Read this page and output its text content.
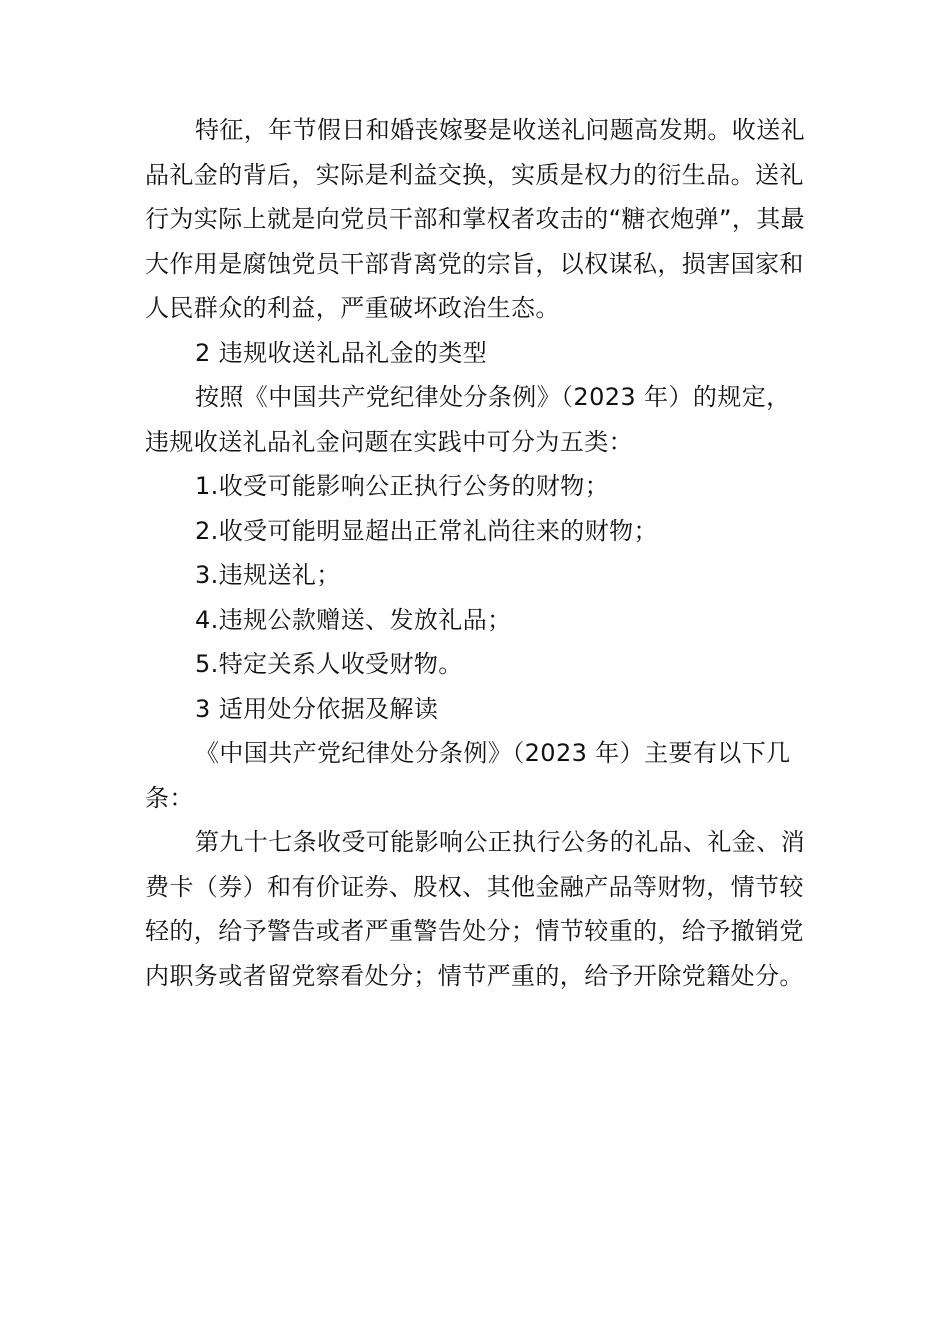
特征，年节假日和婚丧嫁娶是收送礼问题高发期。收送礼品礼金的背后，实际是利益交换，实质是权力的衍生品。送礼行为实际上就是向党员干部和掌权者攻击的“糖衣炮弹”，其最大作用是腐蚀党员干部背离党的宗旨，以权谋私，损害国家和人民群众的利益，严重破坏政治生态。

2 违规收送礼品礼金的类型

按照《中国共产党纪律处分条例》（2023 年）的规定，违规收送礼品礼金问题在实践中可分为五类：

1.收受可能影响公正执行公务的财物；

2.收受可能明显超出正常礼尚往来的财物；

3.违规送礼；

4.违规公款赠送、发放礼品；

5.特定关系人收受财物。

3 适用处分依据及解读

《中国共产党纪律处分条例》（2023 年）主要有以下几条：

第九十七条收受可能影响公正执行公务的礼品、礼金、消费卡（券）和有价证券、股权、其他金融产品等财物，情节较轻的，给予警告或者严重警告处分；情节较重的，给予撤销党内职务或者留党察看处分；情节严重的，给予开除党籍处分。
